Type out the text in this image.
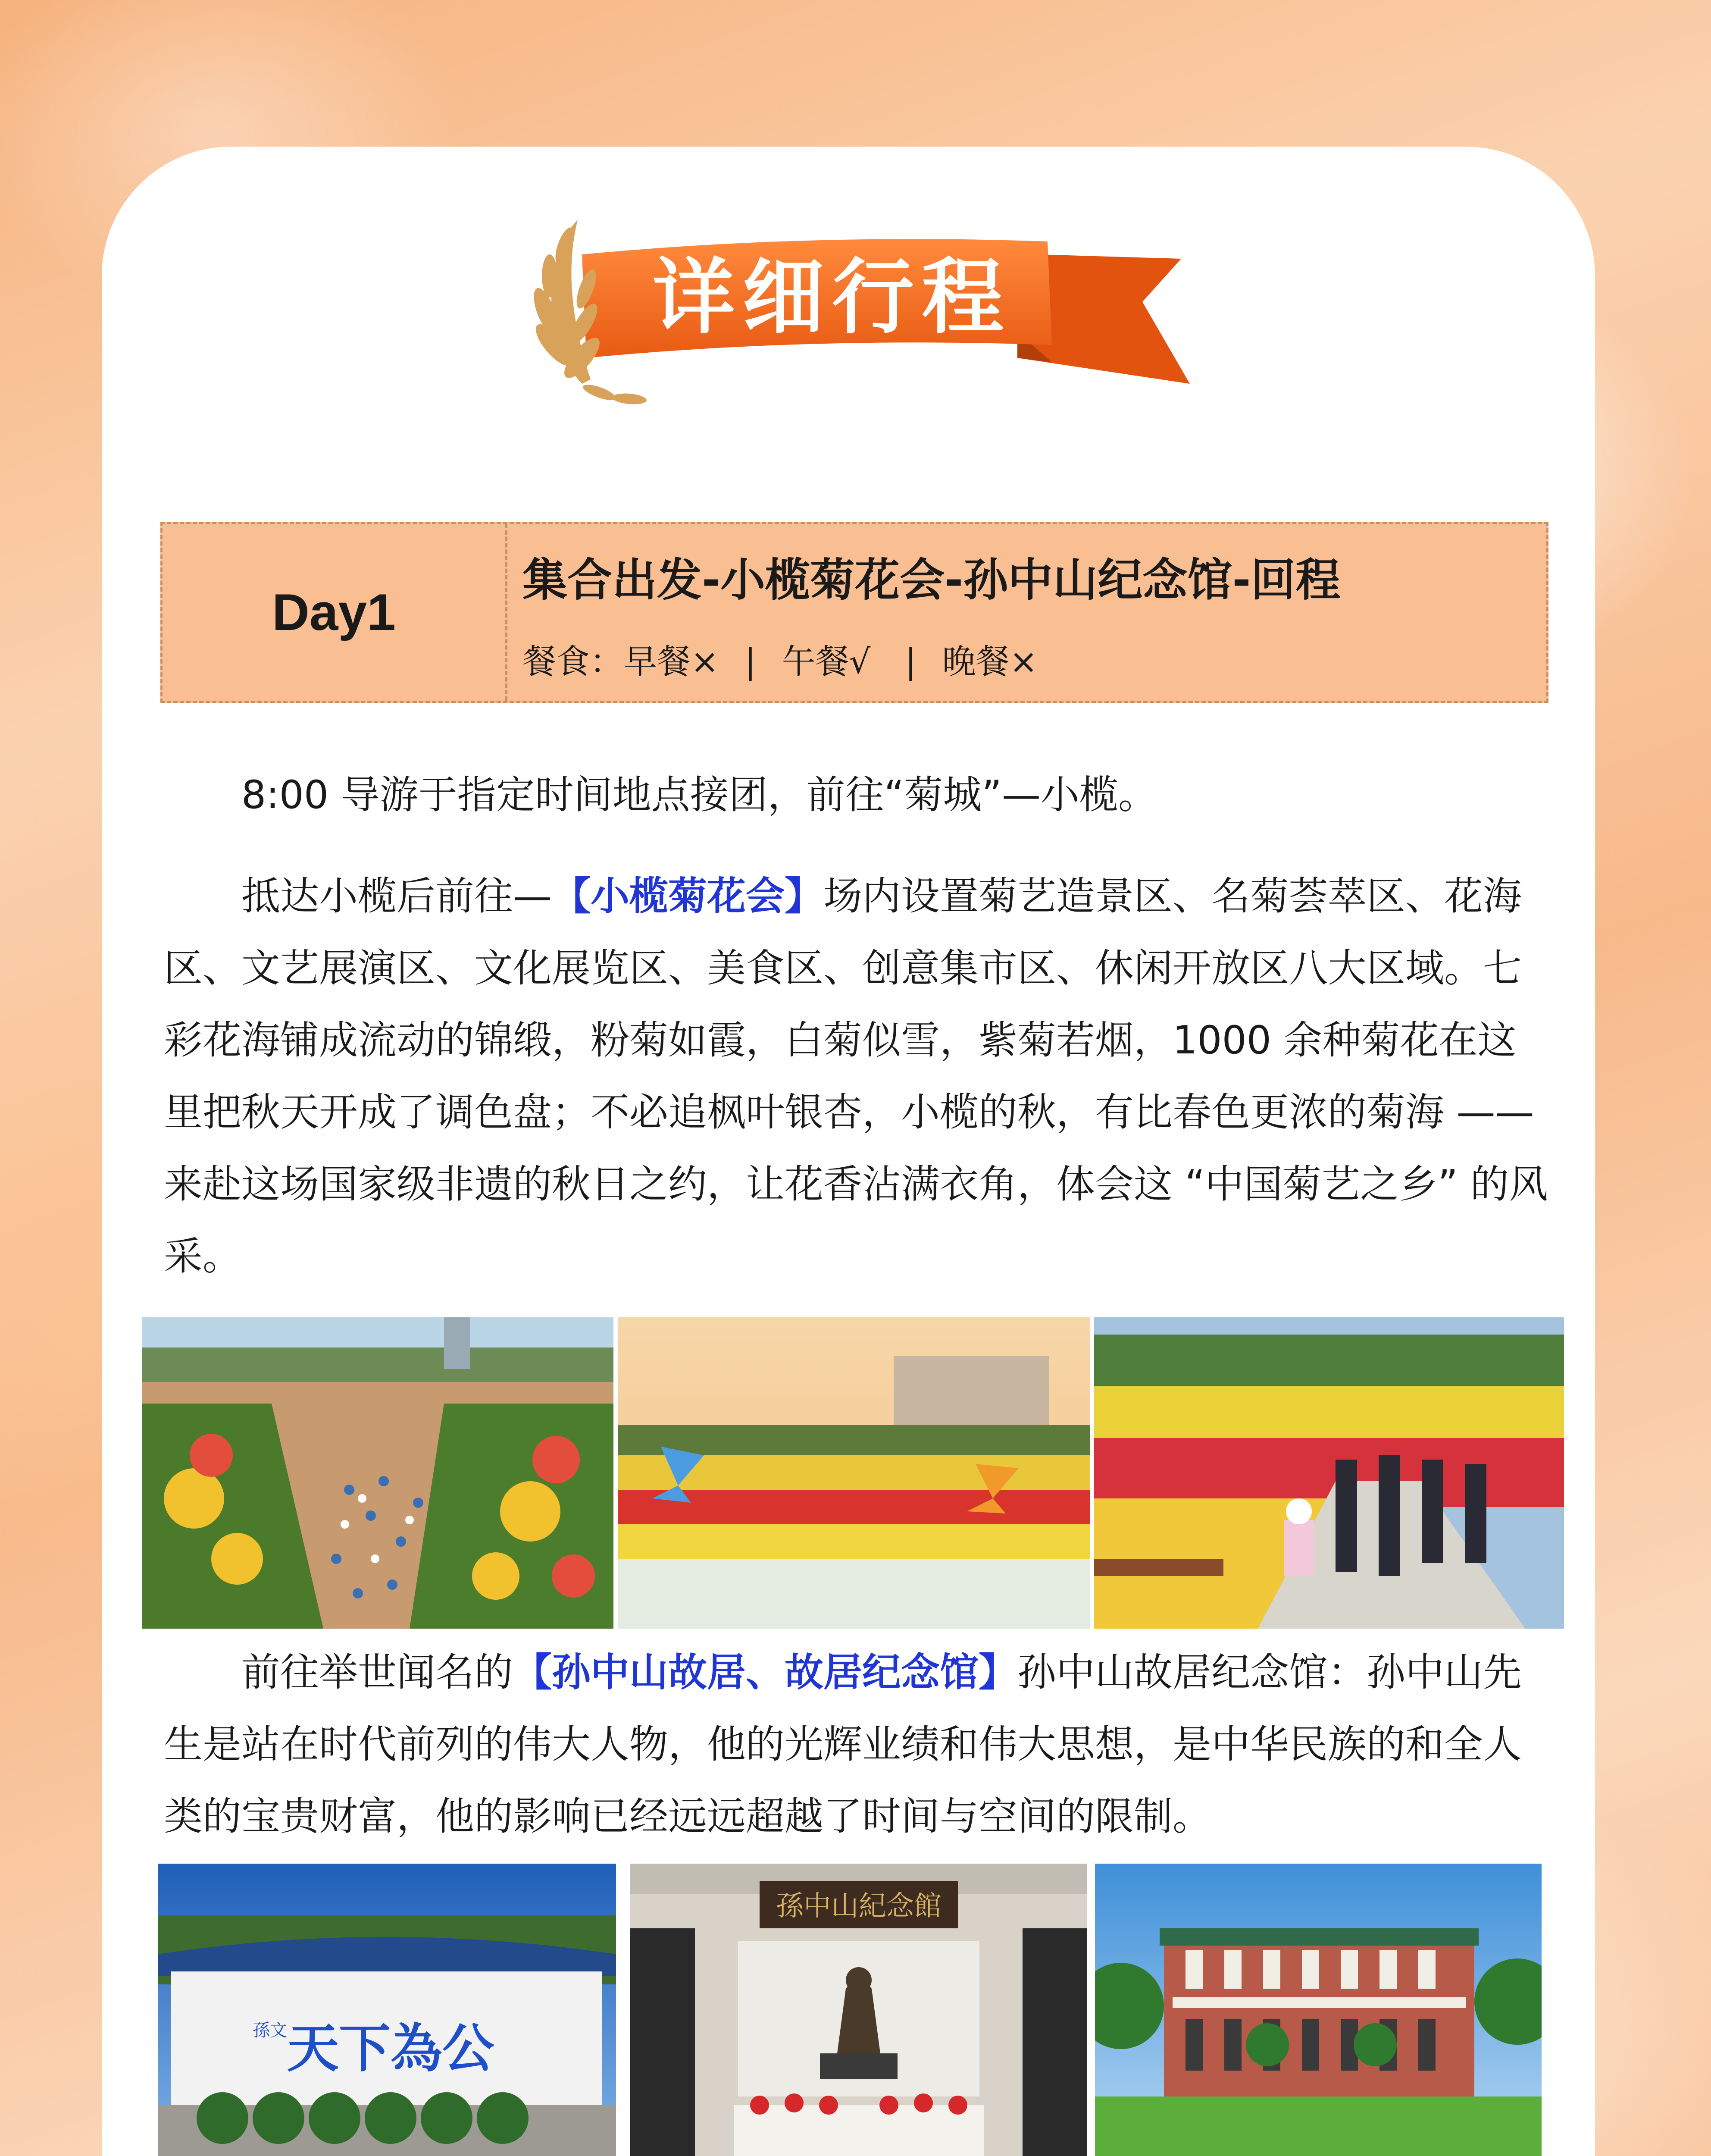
详细行程
Day1
集合出发-小榄菊花会-孙中山纪念馆-回程
餐食：早餐× | 午餐√ | 晚餐×

8:00 导游于指定时间地点接团，前往“菊城”—小榄。

抵达小榄后前往—【小榄菊花会】场内设置菊艺造景区、名菊荟萃区、花海区、文艺展演区、文化展览区、美食区、创意集市区、休闲开放区八大区域。七彩花海铺成流动的锦缎，粉菊如霞，白菊似雪，紫菊若烟，1000 余种菊花在这里把秋天开成了调色盘；不必追枫叶银杏，小榄的秋，有比春色更浓的菊海 —— 来赴这场国家级非遗的秋日之约，让花香沾满衣角，体会这 “中国菊艺之乡” 的风采。

前往举世闻名的【孙中山故居、故居纪念馆】孙中山故居纪念馆：孙中山先生是站在时代前列的伟大人物，他的光辉业绩和伟大思想，是中华民族的和全人类的宝贵财富，他的影响已经远远超越了时间与空间的限制。

天下為公
孫文
孫中山紀念館
